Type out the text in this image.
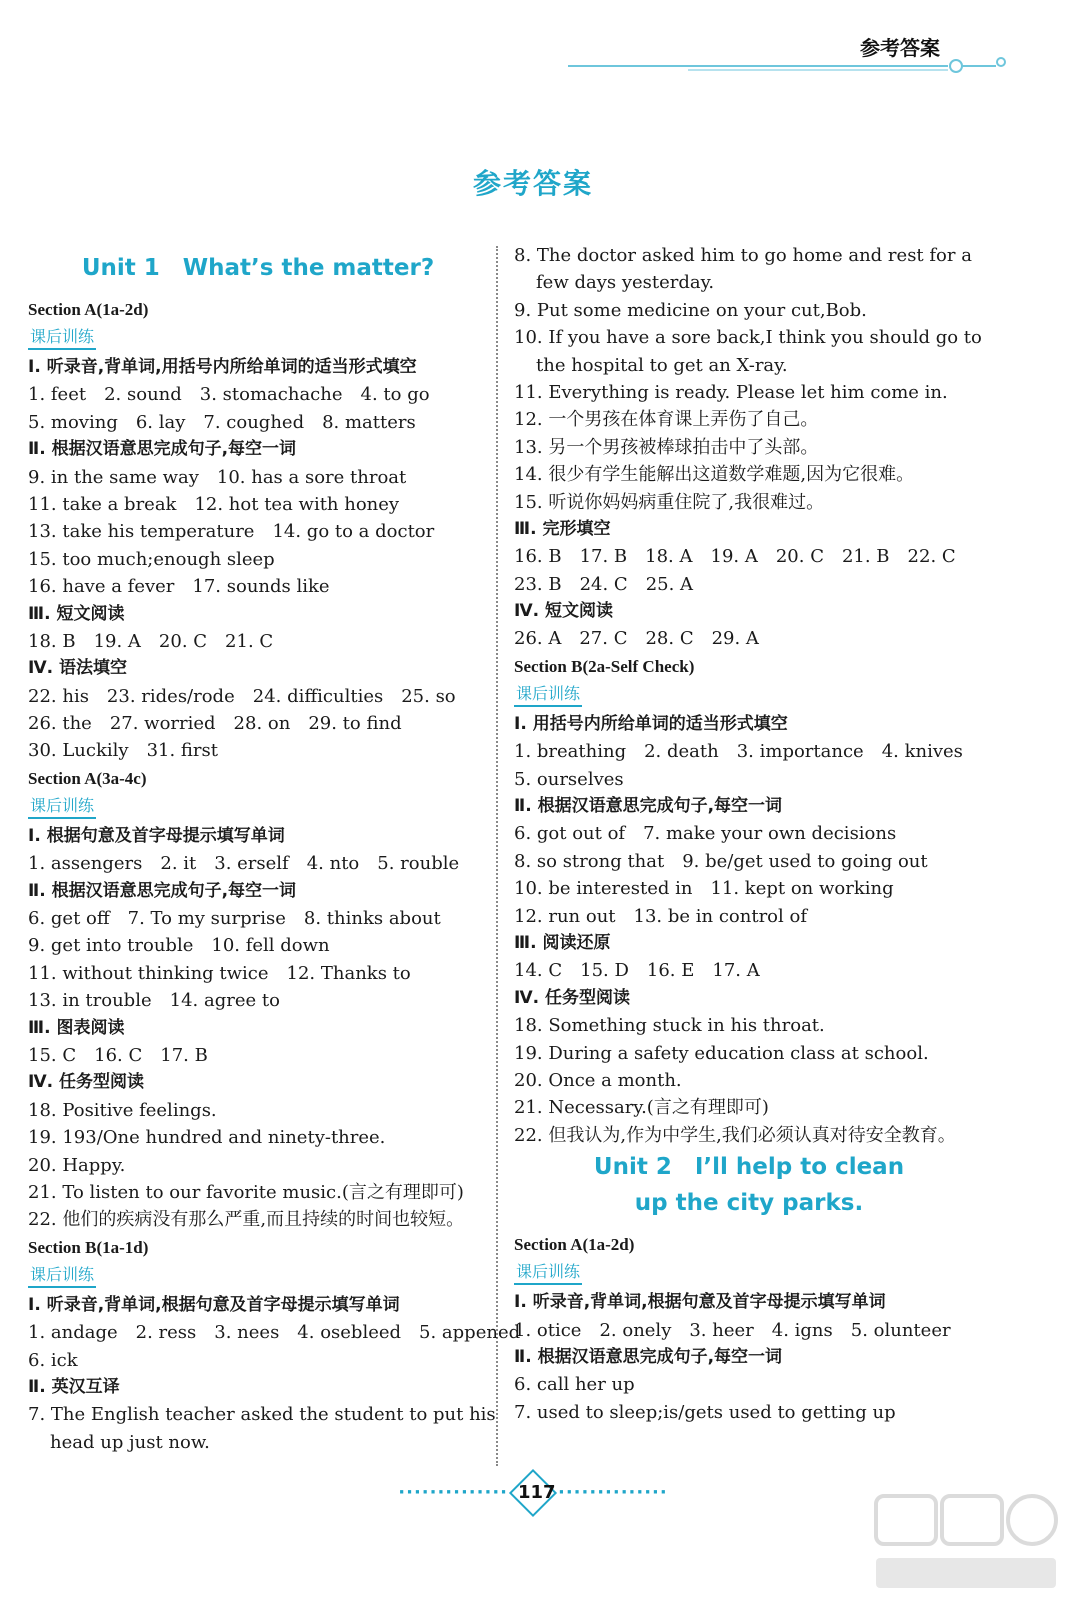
参考答案
参考答案
Unit 1　What’s the matter?
Section A(1a-2d)
课后训练
Ⅰ. 听录音,背单词,用括号内所给单词的适当形式填空
1. feet　2. sound　3. stomachache　4. to go
5. moving　6. lay　7. coughed　8. matters
Ⅱ. 根据汉语意思完成句子,每空一词
9. in the same way　10. has a sore throat
11. take a break　12. hot tea with honey
13. take his temperature　14. go to a doctor
15. too much;enough sleep
16. have a fever　17. sounds like
Ⅲ. 短文阅读
18. B　19. A　20. C　21. C
Ⅳ. 语法填空
22. his　23. rides/rode　24. difficulties　25. so
26. the　27. worried　28. on　29. to find
30. Luckily　31. first
Section A(3a-4c)
课后训练
Ⅰ. 根据句意及首字母提示填写单词
1. assengers　2. it　3. erself　4. nto　5. rouble
Ⅱ. 根据汉语意思完成句子,每空一词
6. get off　7. To my surprise　8. thinks about
9. get into trouble　10. fell down
11. without thinking twice　12. Thanks to
13. in trouble　14. agree to
Ⅲ. 图表阅读
15. C　16. C　17. B
Ⅳ. 任务型阅读
18. Positive feelings.
19. 193/One hundred and ninety-three.
20. Happy.
21. To listen to our favorite music.(言之有理即可)
22. 他们的疾病没有那么严重,而且持续的时间也较短。
Section B(1a-1d)
课后训练
Ⅰ. 听录音,背单词,根据句意及首字母提示填写单词
1. andage　2. ress　3. nees　4. osebleed　5. appened
6. ick
Ⅱ. 英汉互译
7. The English teacher asked the student to put his
head up just now.
8. The doctor asked him to go home and rest for a
few days yesterday.
9. Put some medicine on your cut,Bob.
10. If you have a sore back,I think you should go to
the hospital to get an X-ray.
11. Everything is ready. Please let him come in.
12. 一个男孩在体育课上弄伤了自己。
13. 另一个男孩被棒球拍击中了头部。
14. 很少有学生能解出这道数学难题,因为它很难。
15. 听说你妈妈病重住院了,我很难过。
Ⅲ. 完形填空
16. B　17. B　18. A　19. A　20. C　21. B　22. C
23. B　24. C　25. A
Ⅳ. 短文阅读
26. A　27. C　28. C　29. A
Section B(2a-Self Check)
课后训练
Ⅰ. 用括号内所给单词的适当形式填空
1. breathing　2. death　3. importance　4. knives
5. ourselves
Ⅱ. 根据汉语意思完成句子,每空一词
6. got out of　7. make your own decisions
8. so strong that　9. be/get used to going out
10. be interested in　11. kept on working
12. run out　13. be in control of
Ⅲ. 阅读还原
14. C　15. D　16. E　17. A
Ⅳ. 任务型阅读
18. Something stuck in his throat.
19. During a safety education class at school.
20. Once a month.
21. Necessary.(言之有理即可)
22. 但我认为,作为中学生,我们必须认真对待安全教育。
Unit 2　I’ll help to clean
up the city parks.
Section A(1a-2d)
课后训练
Ⅰ. 听录音,背单词,根据句意及首字母提示填写单词
1. otice　2. onely　3. heer　4. igns　5. olunteer
Ⅱ. 根据汉语意思完成句子,每空一词
6. call her up
7. used to sleep;is/gets used to getting up
·············· 117 ··············
